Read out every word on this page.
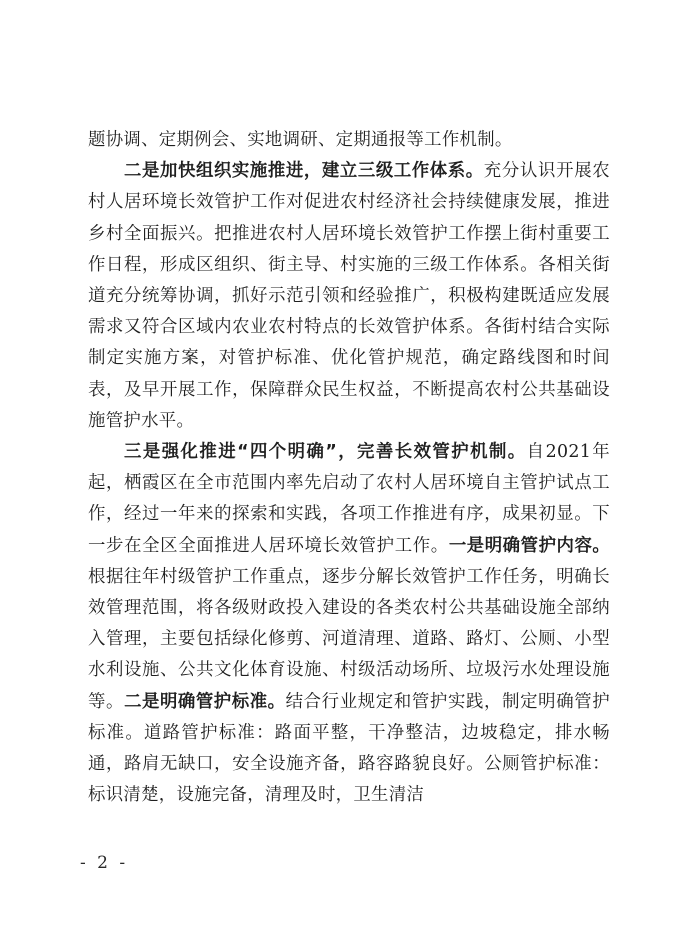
题协调、定期例会、实地调研、定期通报等工作机制。

二是加快组织实施推进，建立三级工作体系。充分认识开展农村人居环境长效管护工作对促进农村经济社会持续健康发展，推进乡村全面振兴。把推进农村人居环境长效管护工作摆上街村重要工作日程，形成区组织、街主导、村实施的三级工作体系。各相关街道充分统筹协调，抓好示范引领和经验推广，积极构建既适应发展需求又符合区域内农业农村特点的长效管护体系。各街村结合实际制定实施方案，对管护标准、优化管护规范，确定路线图和时间表，及早开展工作，保障群众民生权益，不断提高农村公共基础设施管护水平。

三是强化推进“四个明确”，完善长效管护机制。自2021年起，栖霞区在全市范围内率先启动了农村人居环境自主管护试点工作，经过一年来的探索和实践，各项工作推进有序，成果初显。下一步在全区全面推进人居环境长效管护工作。一是明确管护内容。根据往年村级管护工作重点，逐步分解长效管护工作任务，明确长效管理范围，将各级财政投入建设的各类农村公共基础设施全部纳入管理，主要包括绿化修剪、河道清理、道路、路灯、公厕、小型水利设施、公共文化体育设施、村级活动场所、垃圾污水处理设施等。二是明确管护标准。结合行业规定和管护实践，制定明确管护标准。道路管护标准：路面平整，干净整洁，边坡稳定，排水畅通，路肩无缺口，安全设施齐备，路容路貌良好。公厕管护标准：标识清楚，设施完备，清理及时，卫生清洁

- 2 -
